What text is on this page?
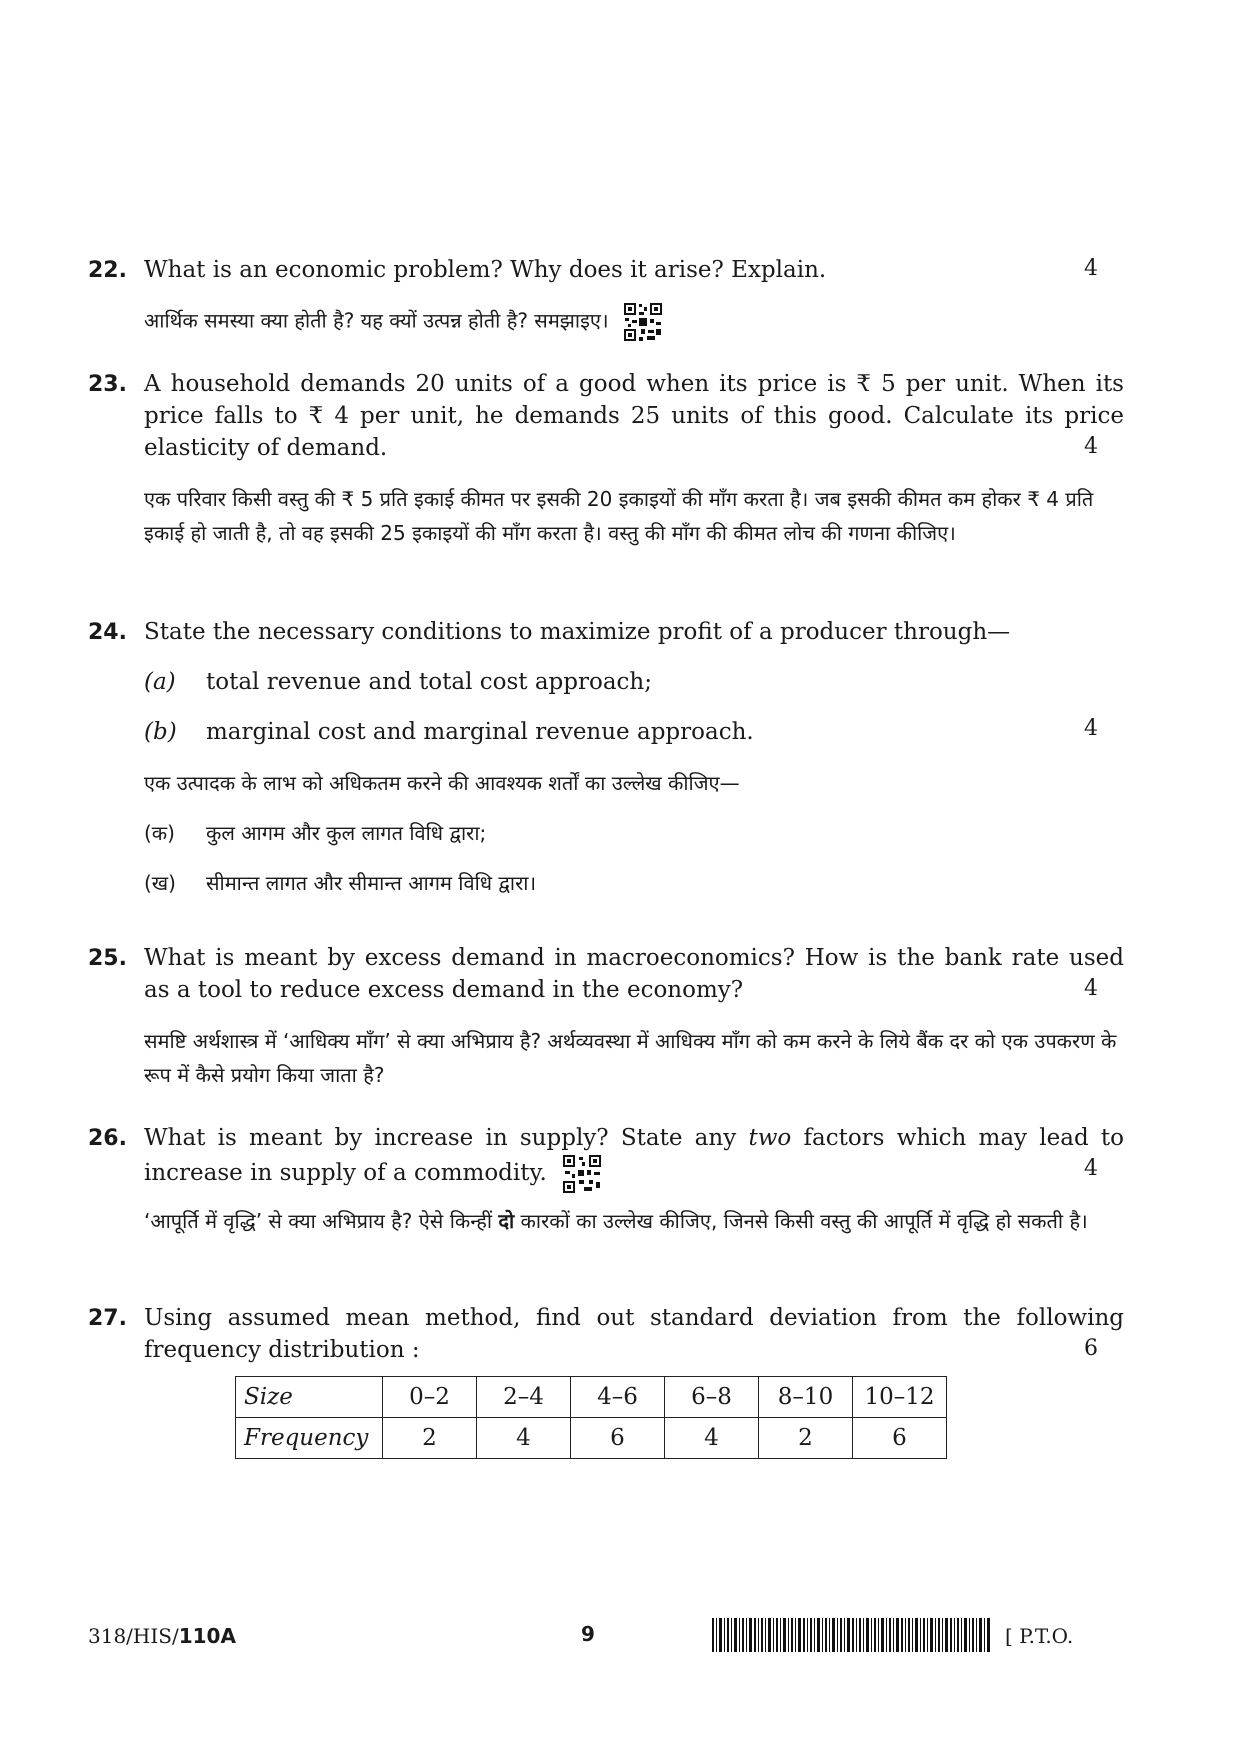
22. What is an economic problem? Why does it arise? Explain.
आर्थिक समस्या क्या होती है? यह क्यों उत्पन्न होती है? समझाइए।
4
23. A household demands 20 units of a good when its price is ₹ 5 per unit. When its price falls to ₹ 4 per unit, he demands 25 units of this good. Calculate its price elasticity of demand.
एक परिवार किसी वस्तु की ₹ 5 प्रति इकाई कीमत पर इसकी 20 इकाइयों की माँग करता है। जब इसकी कीमत कम होकर ₹ 4 प्रति इकाई हो जाती है, तो वह इसकी 25 इकाइयों की माँग करता है। वस्तु की माँग की कीमत लोच की गणना कीजिए।
4
24. State the necessary conditions to maximize profit of a producer through—
(a) total revenue and total cost approach;
(b) marginal cost and marginal revenue approach.
एक उत्पादक के लाभ को अधिकतम करने की आवश्यक शर्तों का उल्लेख कीजिए—
(क) कुल आगम और कुल लागत विधि द्वारा;
(ख) सीमान्त लागत और सीमान्त आगम विधि द्वारा।
4
25. What is meant by excess demand in macroeconomics? How is the bank rate used as a tool to reduce excess demand in the economy?
समष्टि अर्थशास्त्र में ‘आधिक्य माँग’ से क्या अभिप्राय है? अर्थव्यवस्था में आधिक्य माँग को कम करने के लिये बैंक दर को एक उपकरण के रूप में कैसे प्रयोग किया जाता है?
4
26. What is meant by increase in supply? State any two factors which may lead to increase in supply of a commodity.
‘आपूर्ति में वृद्धि’ से क्या अभिप्राय है? ऐसे किन्हीं दो कारकों का उल्लेख कीजिए, जिनसे किसी वस्तु की आपूर्ति में वृद्धि हो सकती है।
4
27. Using assumed mean method, find out standard deviation from the following frequency distribution :	6
Size	0–2	2–4	4–6	6–8	8–10	10–12
Frequency	2	4	6	4	2	6
318/HIS/110A	9	[ P.T.O.
